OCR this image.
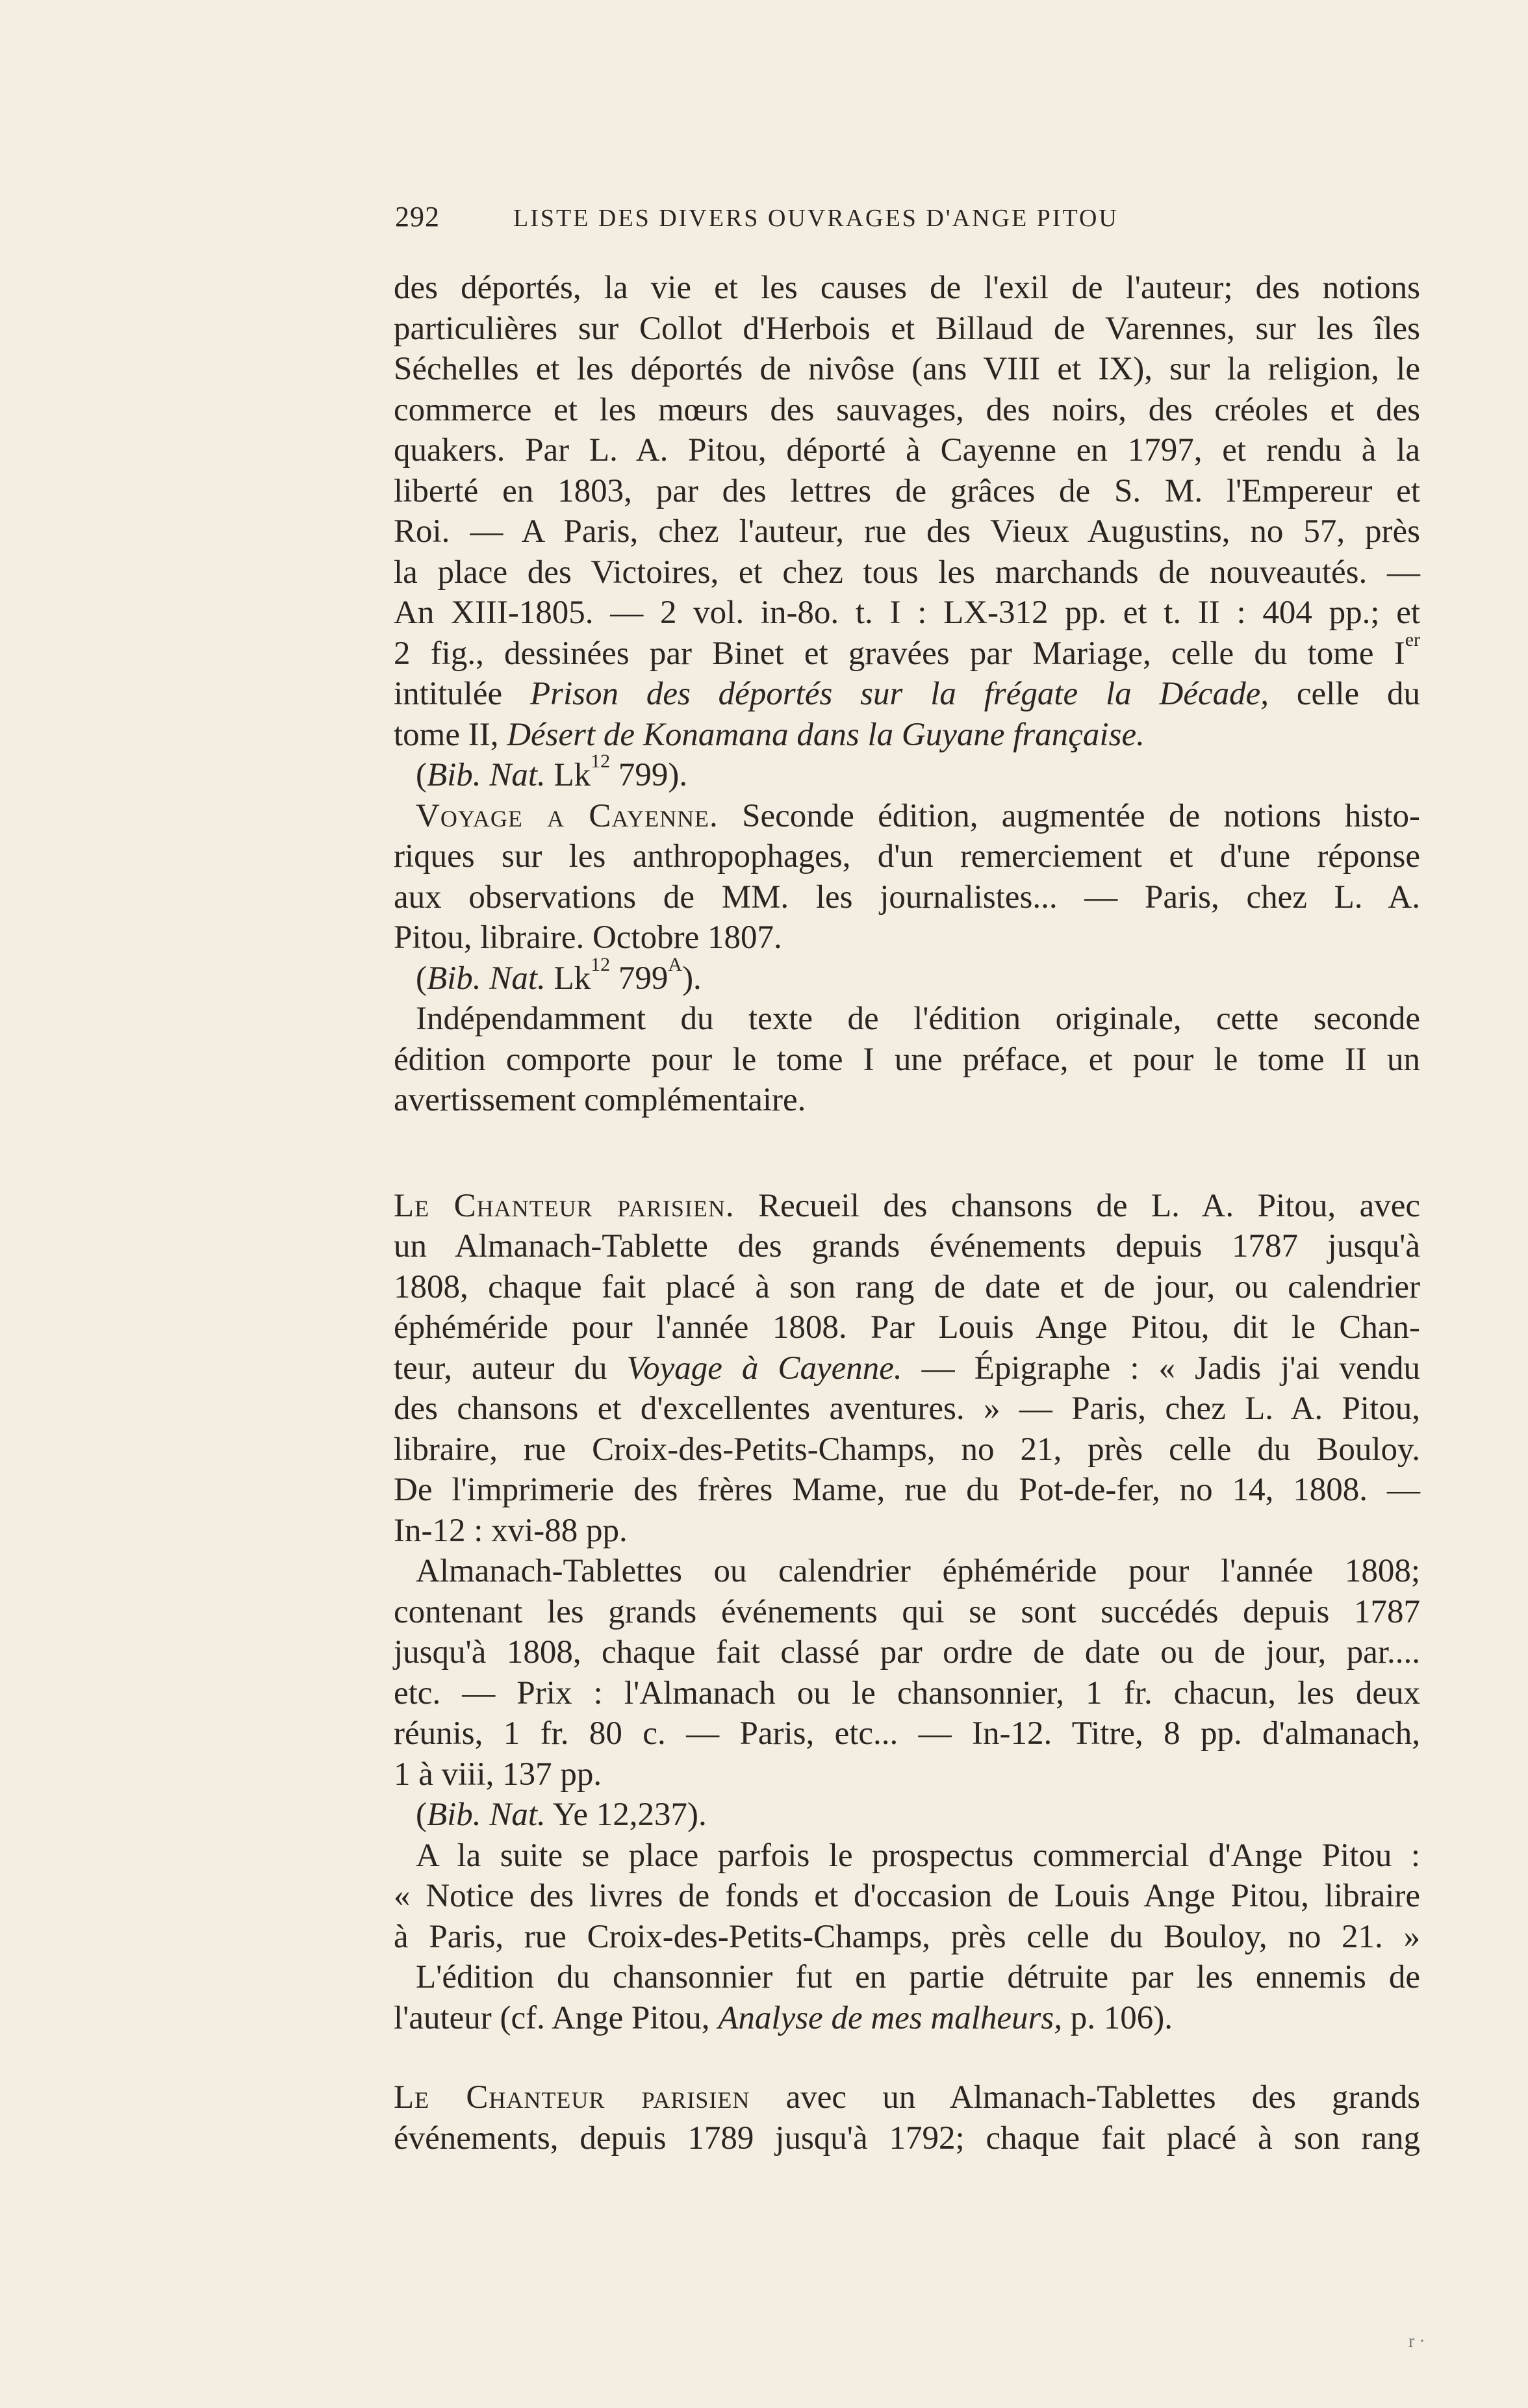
292	LISTE DES DIVERS OUVRAGES D'ANGE PITOU

des déportés, la vie et les causes de l'exil de l'auteur; des notions

particulières sur Collot d'Herbois et Billaud de Varennes, sur les îles

Séchelles et les déportés de nivôse (ans VIII et IX), sur la religion, le

commerce et les mœurs des sauvages, des noirs, des créoles et des

quakers. Par L. A. Pitou, déporté à Cayenne en 1797, et rendu à la

liberté en 1803, par des lettres de grâces de S. M. l'Empereur et

Roi. — A Paris, chez l'auteur, rue des Vieux Augustins, no 57, près

la place des Victoires, et chez tous les marchands de nouveautés. —

An XIII-1805. — 2 vol. in-8o. t. I : LX-312 pp. et t. II : 404 pp.; et

2 fig., dessinées par Binet et gravées par Mariage, celle du tome Ier

intitulée Prison des déportés sur la frégate la Décade, celle du

tome II, Désert de Konamana dans la Guyane française.

(Bib. Nat. Lk$^{12}$ 799).

Voyage a Cayenne. Seconde édition, augmentée de notions histo-

riques sur les anthropophages, d'un remerciement et d'une réponse

aux observations de MM. les journalistes... — Paris, chez L. A.

Pitou, libraire. Octobre 1807.

(Bib. Nat. Lk$^{12}$ $799^A$).

Indépendamment du texte de l'édition originale, cette seconde

édition comporte pour le tome I une préface, et pour le tome II un

avertissement complémentaire.

Le Chanteur parisien. Recueil des chansons de L. A. Pitou, avec

un Almanach-Tablette des grands événements depuis 1787 jusqu'à

1808, chaque fait placé à son rang de date et de jour, ou calendrier

éphéméride pour l'année 1808. Par Louis Ange Pitou, dit le Chan-

teur, auteur du Voyage à Cayenne. — Épigraphe : « Jadis j'ai vendu

des chansons et d'excellentes aventures. » — Paris, chez L. A. Pitou,

libraire, rue Croix-des-Petits-Champs, no 21, près celle du Bouloy.

De l'imprimerie des frères Mame, rue du Pot-de-fer, no 14, 1808. —

In-12 : xvi-88 pp.

Almanach-Tablettes ou calendrier éphéméride pour l'année 1808;

contenant les grands événements qui se sont succédés depuis 1787

jusqu'à 1808, chaque fait classé par ordre de date ou de jour, par....

etc. — Prix : l'Almanach ou le chansonnier, 1 fr. chacun, les deux

réunis, 1 fr. 80 c. — Paris, etc... — In-12. Titre, 8 pp. d'almanach,

1 à viii, 137 pp.

(Bib. Nat. Ye 12,237).

A la suite se place parfois le prospectus commercial d'Ange Pitou :

« Notice des livres de fonds et d'occasion de Louis Ange Pitou, libraire

à Paris, rue Croix-des-Petits-Champs, près celle du Bouloy, no 21. »

L'édition du chansonnier fut en partie détruite par les ennemis de

l'auteur (cf. Ange Pitou, Analyse de mes malheurs, p. 106).

Le Chanteur parisien avec un Almanach-Tablettes des grands

événements, depuis 1789 jusqu'à 1792; chaque fait placé à son rang

r ·
